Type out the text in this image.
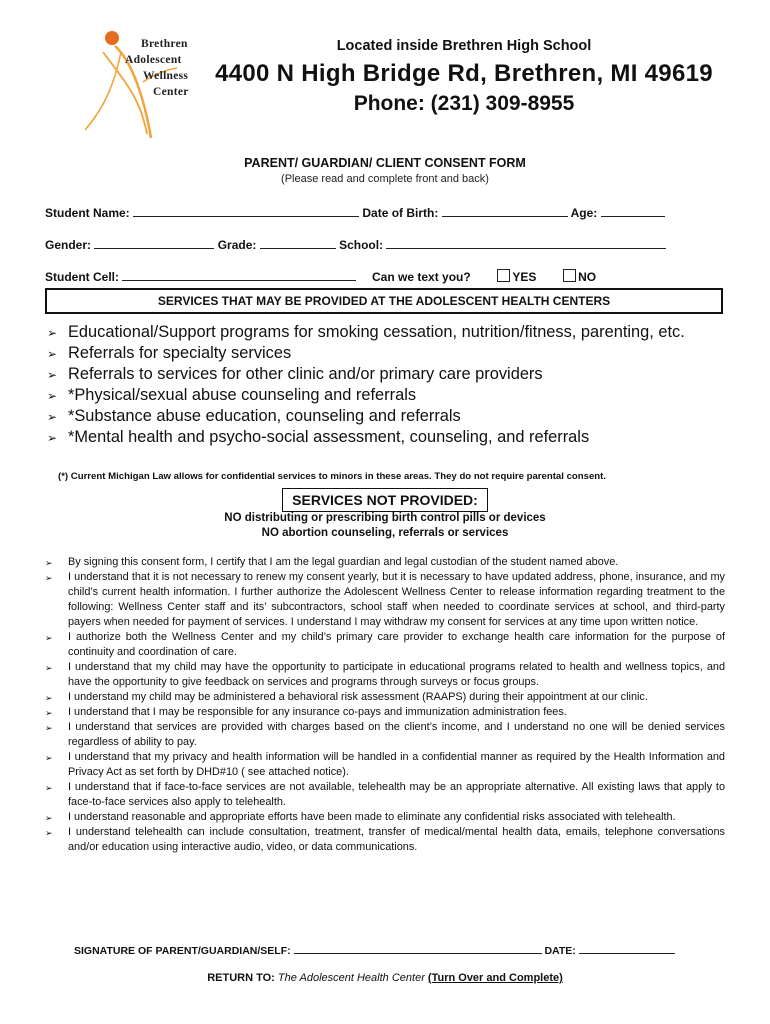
Brethren
Adolescent
Wellness
Center
Located inside Brethren High School
4400 N High Bridge Rd, Brethren, MI 49619
Phone: (231) 309-8955
PARENT/ GUARDIAN/ CLIENT CONSENT FORM
(Please read and complete front and back)
Student Name:	Date of Birth:	Age:
Gender:	Grade:	School:
Student Cell:	Can we text you?	YES	NO
SERVICES THAT MAY BE PROVIDED AT THE ADOLESCENT HEALTH CENTERS
➢ Educational/Support programs for smoking cessation, nutrition/fitness, parenting, etc.
➢ Referrals for specialty services
➢ Referrals to services for other clinic and/or primary care providers
➢ *Physical/sexual abuse counseling and referrals
➢ *Substance abuse education, counseling and referrals
➢ *Mental health and psycho-social assessment, counseling, and referrals
(*) Current Michigan Law allows for confidential services to minors in these areas. They do not require parental consent.
SERVICES NOT PROVIDED:
NO distributing or prescribing birth control pills or devices
NO abortion counseling, referrals or services
➢ By signing this consent form, I certify that I am the legal guardian and legal custodian of the student named above.
➢ I understand that it is not necessary to renew my consent yearly, but it is necessary to have updated address, phone, insurance, and my child’s current health information. I further authorize the Adolescent Wellness Center to release information regarding treatment to the following: Wellness Center staff and its’ subcontractors, school staff when needed to coordinate services at school, and third-party payers when needed for payment of services. I understand I may withdraw my consent for services at any time upon written notice.
➢ I authorize both the Wellness Center and my child’s primary care provider to exchange health care information for the purpose of continuity and coordination of care.
➢ I understand that my child may have the opportunity to participate in educational programs related to health and wellness topics, and have the opportunity to give feedback on services and programs through surveys or focus groups.
➢ I understand my child may be administered a behavioral risk assessment (RAAPS) during their appointment at our clinic.
➢ I understand that I may be responsible for any insurance co-pays and immunization administration fees.
➢ I understand that services are provided with charges based on the client’s income, and I understand no one will be denied services regardless of ability to pay.
➢ I understand that my privacy and health information will be handled in a confidential manner as required by the Health Information and Privacy Act as set forth by DHD#10 ( see attached notice).
➢ I understand that if face-to-face services are not available, telehealth may be an appropriate alternative. All existing laws that apply to face-to-face services also apply to telehealth.
➢ I understand reasonable and appropriate efforts have been made to eliminate any confidential risks associated with telehealth.
➢ I understand telehealth can include consultation, treatment, transfer of medical/mental health data, emails, telephone conversations and/or education using interactive audio, video, or data communications.
SIGNATURE OF PARENT/GUARDIAN/SELF:	DATE:
RETURN TO: The Adolescent Health Center (Turn Over and Complete)
